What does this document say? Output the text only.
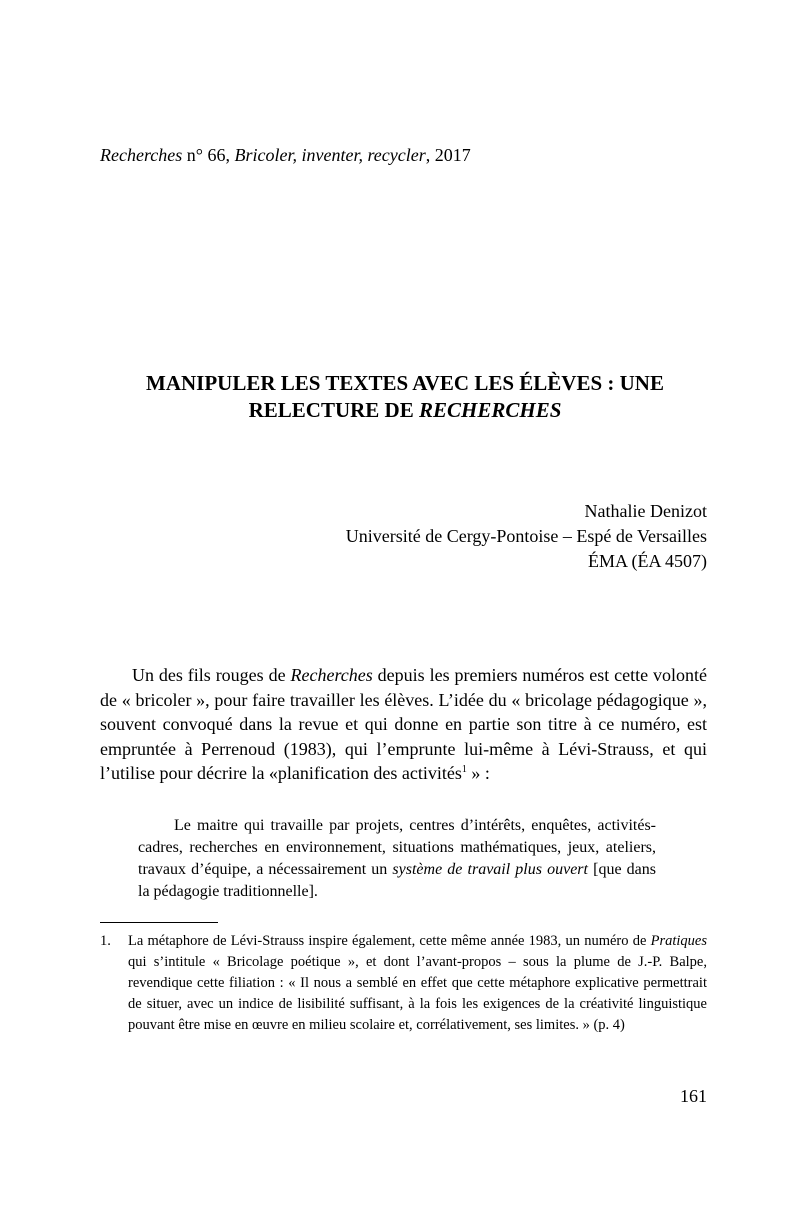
Recherches n° 66, Bricoler, inventer, recycler, 2017
MANIPULER LES TEXTES AVEC LES ÉLÈVES : UNE RELECTURE DE RECHERCHES
Nathalie Denizot
Université de Cergy-Pontoise – Espé de Versailles
ÉMA (ÉA 4507)

Un des fils rouges de Recherches depuis les premiers numéros est cette volonté de « bricoler », pour faire travailler les élèves. L’idée du « bricolage pédagogique », souvent convoqué dans la revue et qui donne en partie son titre à ce numéro, est empruntée à Perrenoud (1983), qui l’emprunte lui-même à Lévi-Strauss, et qui l’utilise pour décrire la «planification des activités$^1$ » :

Le maitre qui travaille par projets, centres d’intérêts, enquêtes, activités-cadres, recherches en environnement, situations mathématiques, jeux, ateliers, travaux d’équipe, a nécessairement un système de travail plus ouvert [que dans la pédagogie traditionnelle].

1.	La métaphore de Lévi-Strauss inspire également, cette même année 1983, un numéro de Pratiques qui s’intitule « Bricolage poétique », et dont l’avant-propos – sous la plume de J.-P. Balpe, revendique cette filiation : « Il nous a semblé en effet que cette métaphore explicative permettrait de situer, avec un indice de lisibilité suffisant, à la fois les exigences de la créativité linguistique pouvant être mise en œuvre en milieu scolaire et, corrélativement, ses limites. » (p. 4)
161
